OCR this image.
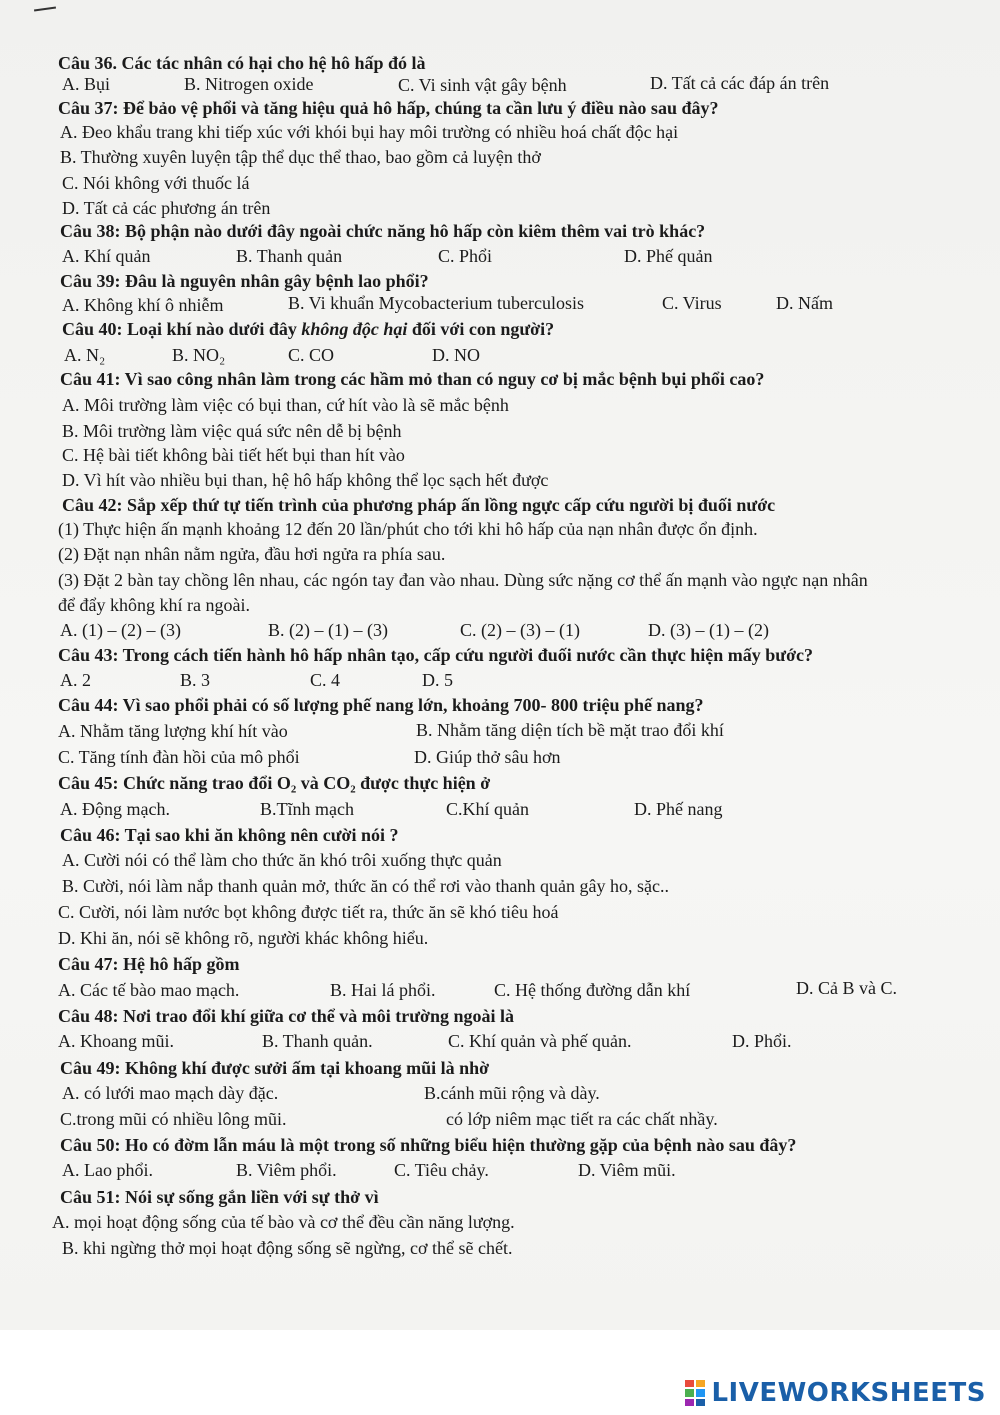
Câu 36. Các tác nhân có hại cho hệ hô hấp đó là
A. Bụi	B. Nitrogen oxide	C. Vi sinh vật gây bệnh	D. Tất cả các đáp án trên
Câu 37: Để bảo vệ phổi và tăng hiệu quả hô hấp, chúng ta cần lưu ý điều nào sau đây?
A. Đeo khẩu trang khi tiếp xúc với khói bụi hay môi trường có nhiều hoá chất độc hại
B. Thường xuyên luyện tập thể dục thể thao, bao gồm cả luyện thở
C. Nói không với thuốc lá
D. Tất cả các phương án trên
Câu 38: Bộ phận nào dưới đây ngoài chức năng hô hấp còn kiêm thêm vai trò khác?
A. Khí quản	B. Thanh quản	C. Phổi	D. Phế quản
Câu 39: Đâu là nguyên nhân gây bệnh lao phổi?
A. Không khí ô nhiễm	B. Vi khuẩn Mycobacterium tuberculosis	C. Virus	D. Nấm
Câu 40: Loại khí nào dưới đây không độc hại đối với con người?
A. N₂	B. NO₂	C. CO	D. NO
Câu 41: Vì sao công nhân làm trong các hầm mỏ than có nguy cơ bị mắc bệnh bụi phổi cao?
A. Môi trường làm việc có bụi than, cứ hít vào là sẽ mắc bệnh
B. Môi trường làm việc quá sức nên dễ bị bệnh
C. Hệ bài tiết không bài tiết hết bụi than hít vào
D. Vì hít vào nhiều bụi than, hệ hô hấp không thể lọc sạch hết được
Câu 42: Sắp xếp thứ tự tiến trình của phương pháp ấn lồng ngực cấp cứu người bị đuối nước
(1) Thực hiện ấn mạnh khoảng 12 đến 20 lần/phút cho tới khi hô hấp của nạn nhân được ổn định.
(2) Đặt nạn nhân nằm ngửa, đầu hơi ngửa ra phía sau.
(3) Đặt 2 bàn tay chồng lên nhau, các ngón tay đan vào nhau. Dùng sức nặng cơ thể ấn mạnh vào ngực nạn nhân
để đẩy không khí ra ngoài.
A. (1) – (2) – (3)	B. (2) – (1) – (3)	C. (2) – (3) – (1)	D. (3) – (1) – (2)
Câu 43: Trong cách tiến hành hô hấp nhân tạo, cấp cứu người đuối nước cần thực hiện mấy bước?
A. 2	B. 3	C. 4	D. 5
Câu 44: Vì sao phổi phải có số lượng phế nang lớn, khoảng 700- 800 triệu phế nang?
A. Nhằm tăng lượng khí hít vào	B. Nhằm tăng diện tích bề mặt trao đổi khí
C. Tăng tính đàn hồi của mô phổi	D. Giúp thở sâu hơn
Câu 45: Chức năng trao đổi O₂ và CO₂ được thực hiện ở
A. Động mạch.	B.Tĩnh mạch	C.Khí quản	D. Phế nang
Câu 46: Tại sao khi ăn không nên cười nói ?
A. Cười nói có thể làm cho thức ăn khó trôi xuống thực quản
B. Cười, nói làm nắp thanh quản mở, thức ăn có thể rơi vào thanh quản gây ho, sặc..
C. Cười, nói làm nước bọt không được tiết ra, thức ăn sẽ khó tiêu hoá
D. Khi ăn, nói sẽ không rõ, người khác không hiểu.
Câu 47: Hệ hô hấp gồm
A. Các tế bào mao mạch.	B. Hai lá phổi.	C. Hệ thống đường dẫn khí	D. Cả B và C.
Câu 48: Nơi trao đổi khí giữa cơ thể và môi trường ngoài là
A. Khoang mũi.	B. Thanh quản.	C. Khí quản và phế quản.	D. Phổi.
Câu 49: Không khí được sưởi ấm tại khoang mũi là nhờ
A. có lưới mao mạch dày đặc.	B.cánh mũi rộng và dày.
C.trong mũi có nhiều lông mũi.	có lớp niêm mạc tiết ra các chất nhầy.
Câu 50: Ho có đờm lẫn máu là một trong số những biểu hiện thường gặp của bệnh nào sau đây?
A. Lao phổi.	B. Viêm phổi.	C. Tiêu chảy.	D. Viêm mũi.
Câu 51: Nói sự sống gắn liền với sự thở vì
A. mọi hoạt động sống của tế bào và cơ thể đều cần năng lượng.
B. khi ngừng thở mọi hoạt động sống sẽ ngừng, cơ thể sẽ chết.
LIVEWORKSHEETS
